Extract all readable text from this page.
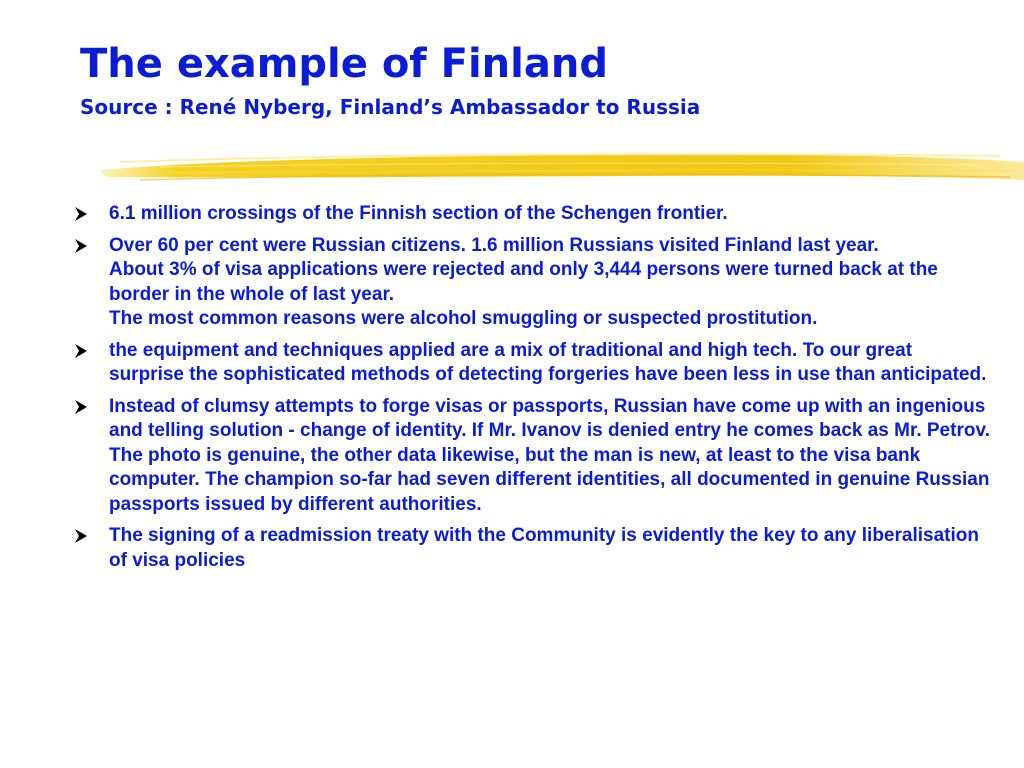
The example of Finland
Source : René Nyberg, Finland’s Ambassador to Russia
6.1 million crossings of the Finnish section of the Schengen frontier.
Over 60 per cent were Russian citizens. 1.6 million Russians visited Finland last year.
About 3% of visa applications were rejected and only 3,444 persons were turned back at the border in the whole of last year.
The most common reasons were alcohol smuggling or suspected prostitution.
the equipment and techniques applied are a mix of traditional and high tech. To our great surprise the sophisticated methods of detecting forgeries have been less in use than anticipated.
Instead of clumsy attempts to forge visas or passports, Russian have come up with an ingenious and telling solution - change of identity. If Mr. Ivanov is denied entry he comes back as Mr. Petrov. The photo is genuine, the other data likewise, but the man is new, at least to the visa bank computer. The champion so-far had seven different identities, all documented in genuine Russian passports issued by different authorities.
The signing of a readmission treaty with the Community is evidently the key to any liberalisation of visa policies
